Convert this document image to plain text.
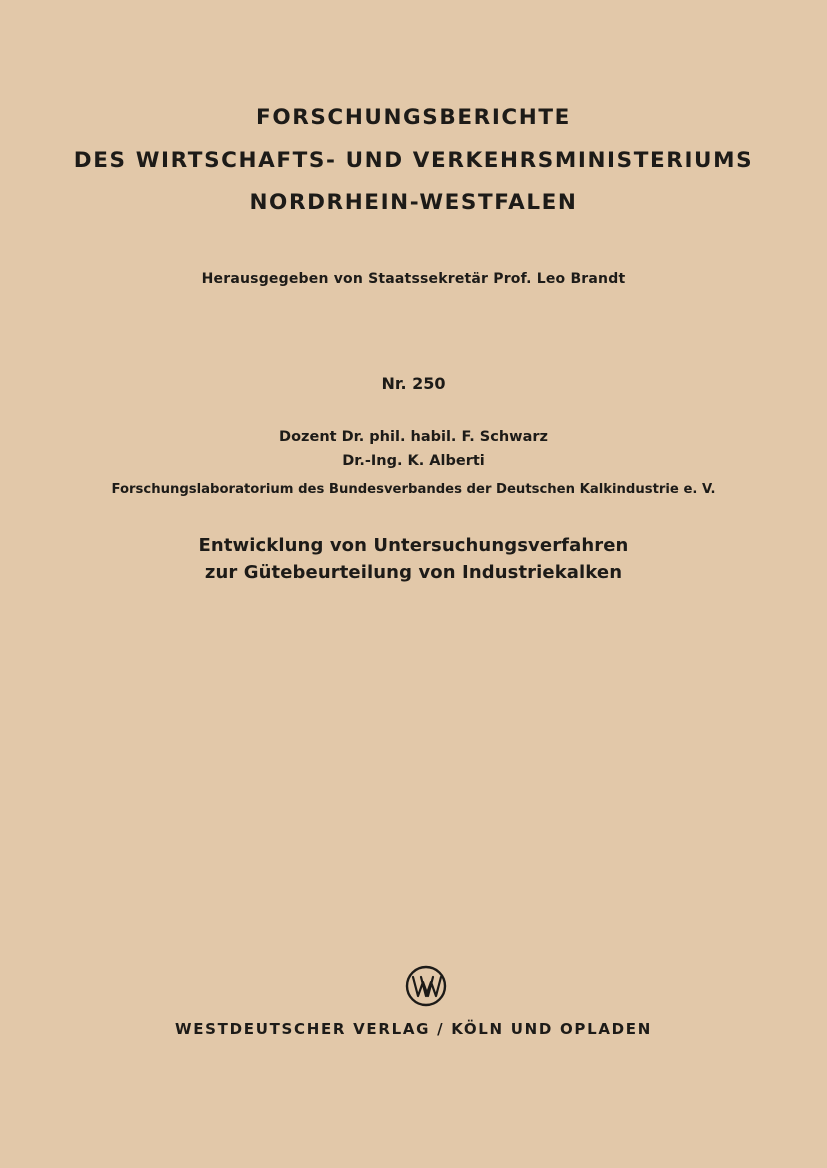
FORSCHUNGSBERICHTE
DES WIRTSCHAFTS- UND VERKEHRSMINISTERIUMS
NORDRHEIN-WESTFALEN
Herausgegeben von Staatssekretär Prof. Leo Brandt
Nr. 250
Dozent Dr. phil. habil. F. Schwarz
Dr.-Ing. K. Alberti
Forschungslaboratorium des Bundesverbandes der Deutschen Kalkindustrie e. V.
Entwicklung von Untersuchungsverfahren
zur Gütebeurteilung von Industriekalken
WESTDEUTSCHER VERLAG / KÖLN UND OPLADEN
